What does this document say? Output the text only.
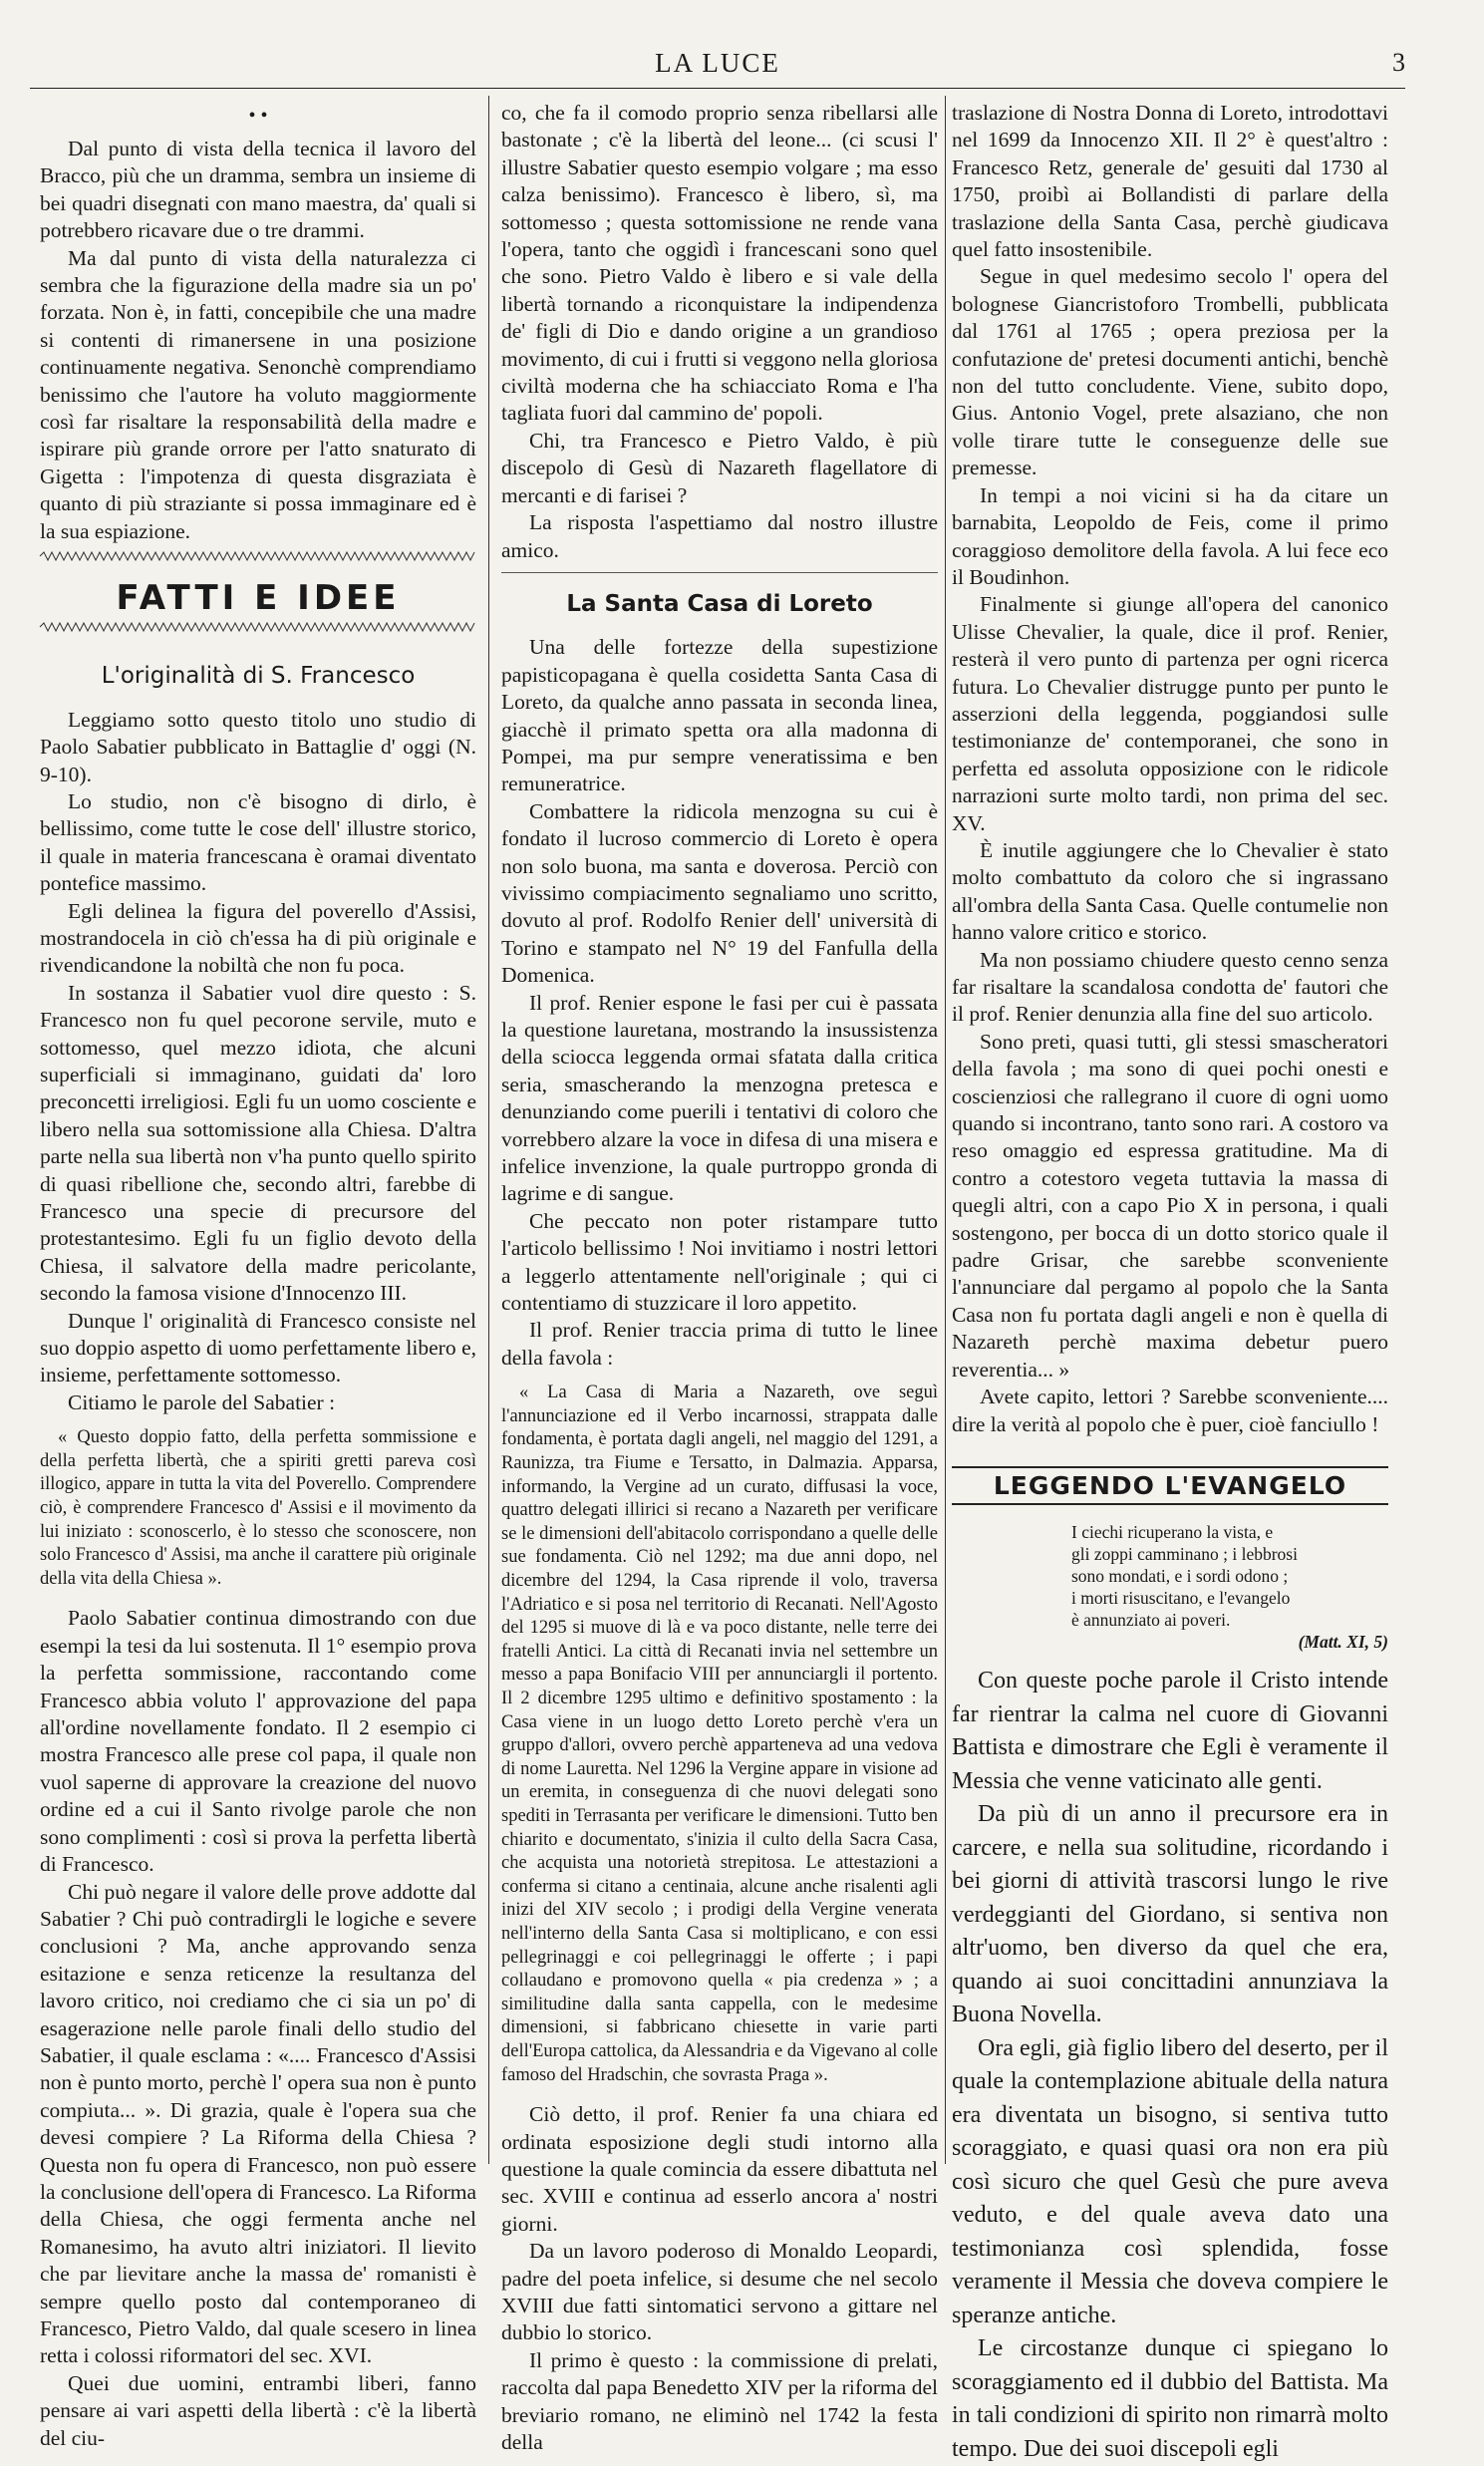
LA LUCE	3
• •

Dal punto di vista della tecnica il lavoro del Bracco, più che un dramma, sembra un insieme di bei quadri disegnati con mano maestra, da' quali si potrebbero ricavare due o tre drammi.

Ma dal punto di vista della naturalezza ci sembra che la figurazione della madre sia un po' forzata. Non è, in fatti, concepibile che una madre si contenti di rimanersene in una posizione continuamente negativa. Senonchè comprendiamo benissimo che l'autore ha voluto maggiormente così far risaltare la responsabilità della madre e ispirare più grande orrore per l'atto snaturato di Gigetta : l'impotenza di questa disgraziata è quanto di più straziante si possa immaginare ed è la sua espiazione.

FATTI E IDEE
L'originalità di S. Francesco

Leggiamo sotto questo titolo uno studio di Paolo Sabatier pubblicato in Battaglie d' oggi (N. 9-10).

Lo studio, non c'è bisogno di dirlo, è bellissimo, come tutte le cose dell' illustre storico, il quale in materia francescana è oramai diventato pontefice massimo.

Egli delinea la figura del poverello d'Assisi, mostrandocela in ciò ch'essa ha di più originale e rivendicandone la nobiltà che non fu poca.

In sostanza il Sabatier vuol dire questo : S. Francesco non fu quel pecorone servile, muto e sottomesso, quel mezzo idiota, che alcuni superficiali si immaginano, guidati da' loro preconcetti irreligiosi. Egli fu un uomo cosciente e libero nella sua sottomissione alla Chiesa. D'altra parte nella sua libertà non v'ha punto quello spirito di quasi ribellione che, secondo altri, farebbe di Francesco una specie di precursore del protestantesimo. Egli fu un figlio devoto della Chiesa, il salvatore della madre pericolante, secondo la famosa visione d'Innocenzo III.

Dunque l' originalità di Francesco consiste nel suo doppio aspetto di uomo perfettamente libero e, insieme, perfettamente sottomesso.

Citiamo le parole del Sabatier :

« Questo doppio fatto, della perfetta sommissione e della perfetta libertà, che a spiriti gretti pareva così illogico, appare in tutta la vita del Poverello. Comprendere ciò, è comprendere Francesco d' Assisi e il movimento da lui iniziato : sconoscerlo, è lo stesso che sconoscere, non solo Francesco d' Assisi, ma anche il carattere più originale della vita della Chiesa ».

Paolo Sabatier continua dimostrando con due esempi la tesi da lui sostenuta. Il 1° esempio prova la perfetta sommissione, raccontando come Francesco abbia voluto l' approvazione del papa all'ordine novellamente fondato. Il 2 esempio ci mostra Francesco alle prese col papa, il quale non vuol saperne di approvare la creazione del nuovo ordine ed a cui il Santo rivolge parole che non sono complimenti : così si prova la perfetta libertà di Francesco.

Chi può negare il valore delle prove addotte dal Sabatier ? Chi può contradirgli le logiche e severe conclusioni ? Ma, anche approvando senza esitazione e senza reticenze la resultanza del lavoro critico, noi crediamo che ci sia un po' di esagerazione nelle parole finali dello studio del Sabatier, il quale esclama : «.... Francesco d'Assisi non è punto morto, perchè l' opera sua non è punto compiuta... ». Di grazia, quale è l'opera sua che devesi compiere ? La Riforma della Chiesa ? Questa non fu opera di Francesco, non può essere la conclusione dell'opera di Francesco. La Riforma della Chiesa, che oggi fermenta anche nel Romanesimo, ha avuto altri iniziatori. Il lievito che par lievitare anche la massa de' romanisti è sempre quello posto dal contemporaneo di Francesco, Pietro Valdo, dal quale scesero in linea retta i colossi riformatori del sec. XVI.

Quei due uomini, entrambi liberi, fanno pensare ai vari aspetti della libertà : c'è la libertà del ciu-

co, che fa il comodo proprio senza ribellarsi alle bastonate ; c'è la libertà del leone... (ci scusi l' illustre Sabatier questo esempio volgare ; ma esso calza benissimo). Francesco è libero, sì, ma sottomesso ; questa sottomissione ne rende vana l'opera, tanto che oggidì i francescani sono quel che sono. Pietro Valdo è libero e si vale della libertà tornando a riconquistare la indipendenza de' figli di Dio e dando origine a un grandioso movimento, di cui i frutti si veggono nella gloriosa civiltà moderna che ha schiacciato Roma e l'ha tagliata fuori dal cammino de' popoli.

Chi, tra Francesco e Pietro Valdo, è più discepolo di Gesù di Nazareth flagellatore di mercanti e di farisei ?

La risposta l'aspettiamo dal nostro illustre amico.

La Santa Casa di Loreto

Una delle fortezze della supestizione papisticopagana è quella cosidetta Santa Casa di Loreto, da qualche anno passata in seconda linea, giacchè il primato spetta ora alla madonna di Pompei, ma pur sempre veneratissima e ben remuneratrice.

Combattere la ridicola menzogna su cui è fondato il lucroso commercio di Loreto è opera non solo buona, ma santa e doverosa. Perciò con vivissimo compiacimento segnaliamo uno scritto, dovuto al prof. Rodolfo Renier dell' università di Torino e stampato nel N° 19 del Fanfulla della Domenica.

Il prof. Renier espone le fasi per cui è passata la questione lauretana, mostrando la insussistenza della sciocca leggenda ormai sfatata dalla critica seria, smascherando la menzogna pretesca e denunziando come puerili i tentativi di coloro che vorrebbero alzare la voce in difesa di una misera e infelice invenzione, la quale purtroppo gronda di lagrime e di sangue.

Che peccato non poter ristampare tutto l'articolo bellissimo ! Noi invitiamo i nostri lettori a leggerlo attentamente nell'originale ; qui ci contentiamo di stuzzicare il loro appetito.

Il prof. Renier traccia prima di tutto le linee della favola :

« La Casa di Maria a Nazareth, ove seguì l'annunciazione ed il Verbo incarnossi, strappata dalle fondamenta, è portata dagli angeli, nel maggio del 1291, a Raunizza, tra Fiume e Tersatto, in Dalmazia. Apparsa, informando, la Vergine ad un curato, diffusasi la voce, quattro delegati illirici si recano a Nazareth per verificare se le dimensioni dell'abitacolo corrispondano a quelle delle sue fondamenta. Ciò nel 1292; ma due anni dopo, nel dicembre del 1294, la Casa riprende il volo, traversa l'Adriatico e si posa nel territorio di Recanati. Nell'Agosto del 1295 si muove di là e va poco distante, nelle terre dei fratelli Antici. La città di Recanati invia nel settembre un messo a papa Bonifacio VIII per annunciargli il portento. Il 2 dicembre 1295 ultimo e definitivo spostamento : la Casa viene in un luogo detto Loreto perchè v'era un gruppo d'allori, ovvero perchè apparteneva ad una vedova di nome Lauretta. Nel 1296 la Vergine appare in visione ad un eremita, in conseguenza di che nuovi delegati sono spediti in Terrasanta per verificare le dimensioni. Tutto ben chiarito e documentato, s'inizia il culto della Sacra Casa, che acquista una notorietà strepitosa. Le attestazioni a conferma si citano a centinaia, alcune anche risalenti agli inizi del XIV secolo ; i prodigi della Vergine venerata nell'interno della Santa Casa si moltiplicano, e con essi pellegrinaggi e coi pellegrinaggi le offerte ; i papi collaudano e promovono quella « pia credenza » ; a similitudine dalla santa cappella, con le medesime dimensioni, si fabbricano chiesette in varie parti dell'Europa cattolica, da Alessandria e da Vigevano al colle famoso del Hradschin, che sovrasta Praga ».

Ciò detto, il prof. Renier fa una chiara ed ordinata esposizione degli studi intorno alla questione la quale comincia da essere dibattuta nel sec. XVIII e continua ad esserlo ancora a' nostri giorni.

Da un lavoro poderoso di Monaldo Leopardi, padre del poeta infelice, si desume che nel secolo XVIII due fatti sintomatici servono a gittare nel dubbio lo storico.

Il primo è questo : la commissione di prelati, raccolta dal papa Benedetto XIV per la riforma del breviario romano, ne eliminò nel 1742 la festa della

traslazione di Nostra Donna di Loreto, introdottavi nel 1699 da Innocenzo XII. Il 2° è quest'altro : Francesco Retz, generale de' gesuiti dal 1730 al 1750, proibì ai Bollandisti di parlare della traslazione della Santa Casa, perchè giudicava quel fatto insostenibile.

Segue in quel medesimo secolo l' opera del bolognese Giancristoforo Trombelli, pubblicata dal 1761 al 1765 ; opera preziosa per la confutazione de' pretesi documenti antichi, benchè non del tutto concludente. Viene, subito dopo, Gius. Antonio Vogel, prete alsaziano, che non volle tirare tutte le conseguenze delle sue premesse.

In tempi a noi vicini si ha da citare un barnabita, Leopoldo de Feis, come il primo coraggioso demolitore della favola. A lui fece eco il Boudinhon.

Finalmente si giunge all'opera del canonico Ulisse Chevalier, la quale, dice il prof. Renier, resterà il vero punto di partenza per ogni ricerca futura. Lo Chevalier distrugge punto per punto le asserzioni della leggenda, poggiandosi sulle testimonianze de' contemporanei, che sono in perfetta ed assoluta opposizione con le ridicole narrazioni surte molto tardi, non prima del sec. XV.

È inutile aggiungere che lo Chevalier è stato molto combattuto da coloro che si ingrassano all'ombra della Santa Casa. Quelle contumelie non hanno valore critico e storico.

Ma non possiamo chiudere questo cenno senza far risaltare la scandalosa condotta de' fautori che il prof. Renier denunzia alla fine del suo articolo.

Sono preti, quasi tutti, gli stessi smascheratori della favola ; ma sono di quei pochi onesti e coscienziosi che rallegrano il cuore di ogni uomo quando si incontrano, tanto sono rari. A costoro va reso omaggio ed espressa gratitudine. Ma di contro a cotestoro vegeta tuttavia la massa di quegli altri, con a capo Pio X in persona, i quali sostengono, per bocca di un dotto storico quale il padre Grisar, che sarebbe sconveniente l'annunciare dal pergamo al popolo che la Santa Casa non fu portata dagli angeli e non è quella di Nazareth perchè maxima debetur puero reverentia... »

Avete capito, lettori ? Sarebbe sconveniente.... dire la verità al popolo che è puer, cioè fanciullo !

LEGGENDO L'EVANGELO
I ciechi ricuperano la vista, e
gli zoppi camminano ; i lebbrosi
sono mondati, e i sordi odono ;
i morti risuscitano, e l'evangelo
è annunziato ai poveri.
(Matt. XI, 5)

Con queste poche parole il Cristo intende far rientrar la calma nel cuore di Giovanni Battista e dimostrare che Egli è veramente il Messia che venne vaticinato alle genti.

Da più di un anno il precursore era in carcere, e nella sua solitudine, ricordando i bei giorni di attività trascorsi lungo le rive verdeggianti del Giordano, si sentiva non altr'uomo, ben diverso da quel che era, quando ai suoi concittadini annunziava la Buona Novella.

Ora egli, già figlio libero del deserto, per il quale la contemplazione abituale della natura era diventata un bisogno, si sentiva tutto scoraggiato, e quasi quasi ora non era più così sicuro che quel Gesù che pure aveva veduto, e del quale aveva dato una testimonianza così splendida, fosse veramente il Messia che doveva compiere le speranze antiche.

Le circostanze dunque ci spiegano lo scoraggiamento ed il dubbio del Battista. Ma in tali condizioni di spirito non rimarrà molto tempo. Due dei suoi discepoli egli
